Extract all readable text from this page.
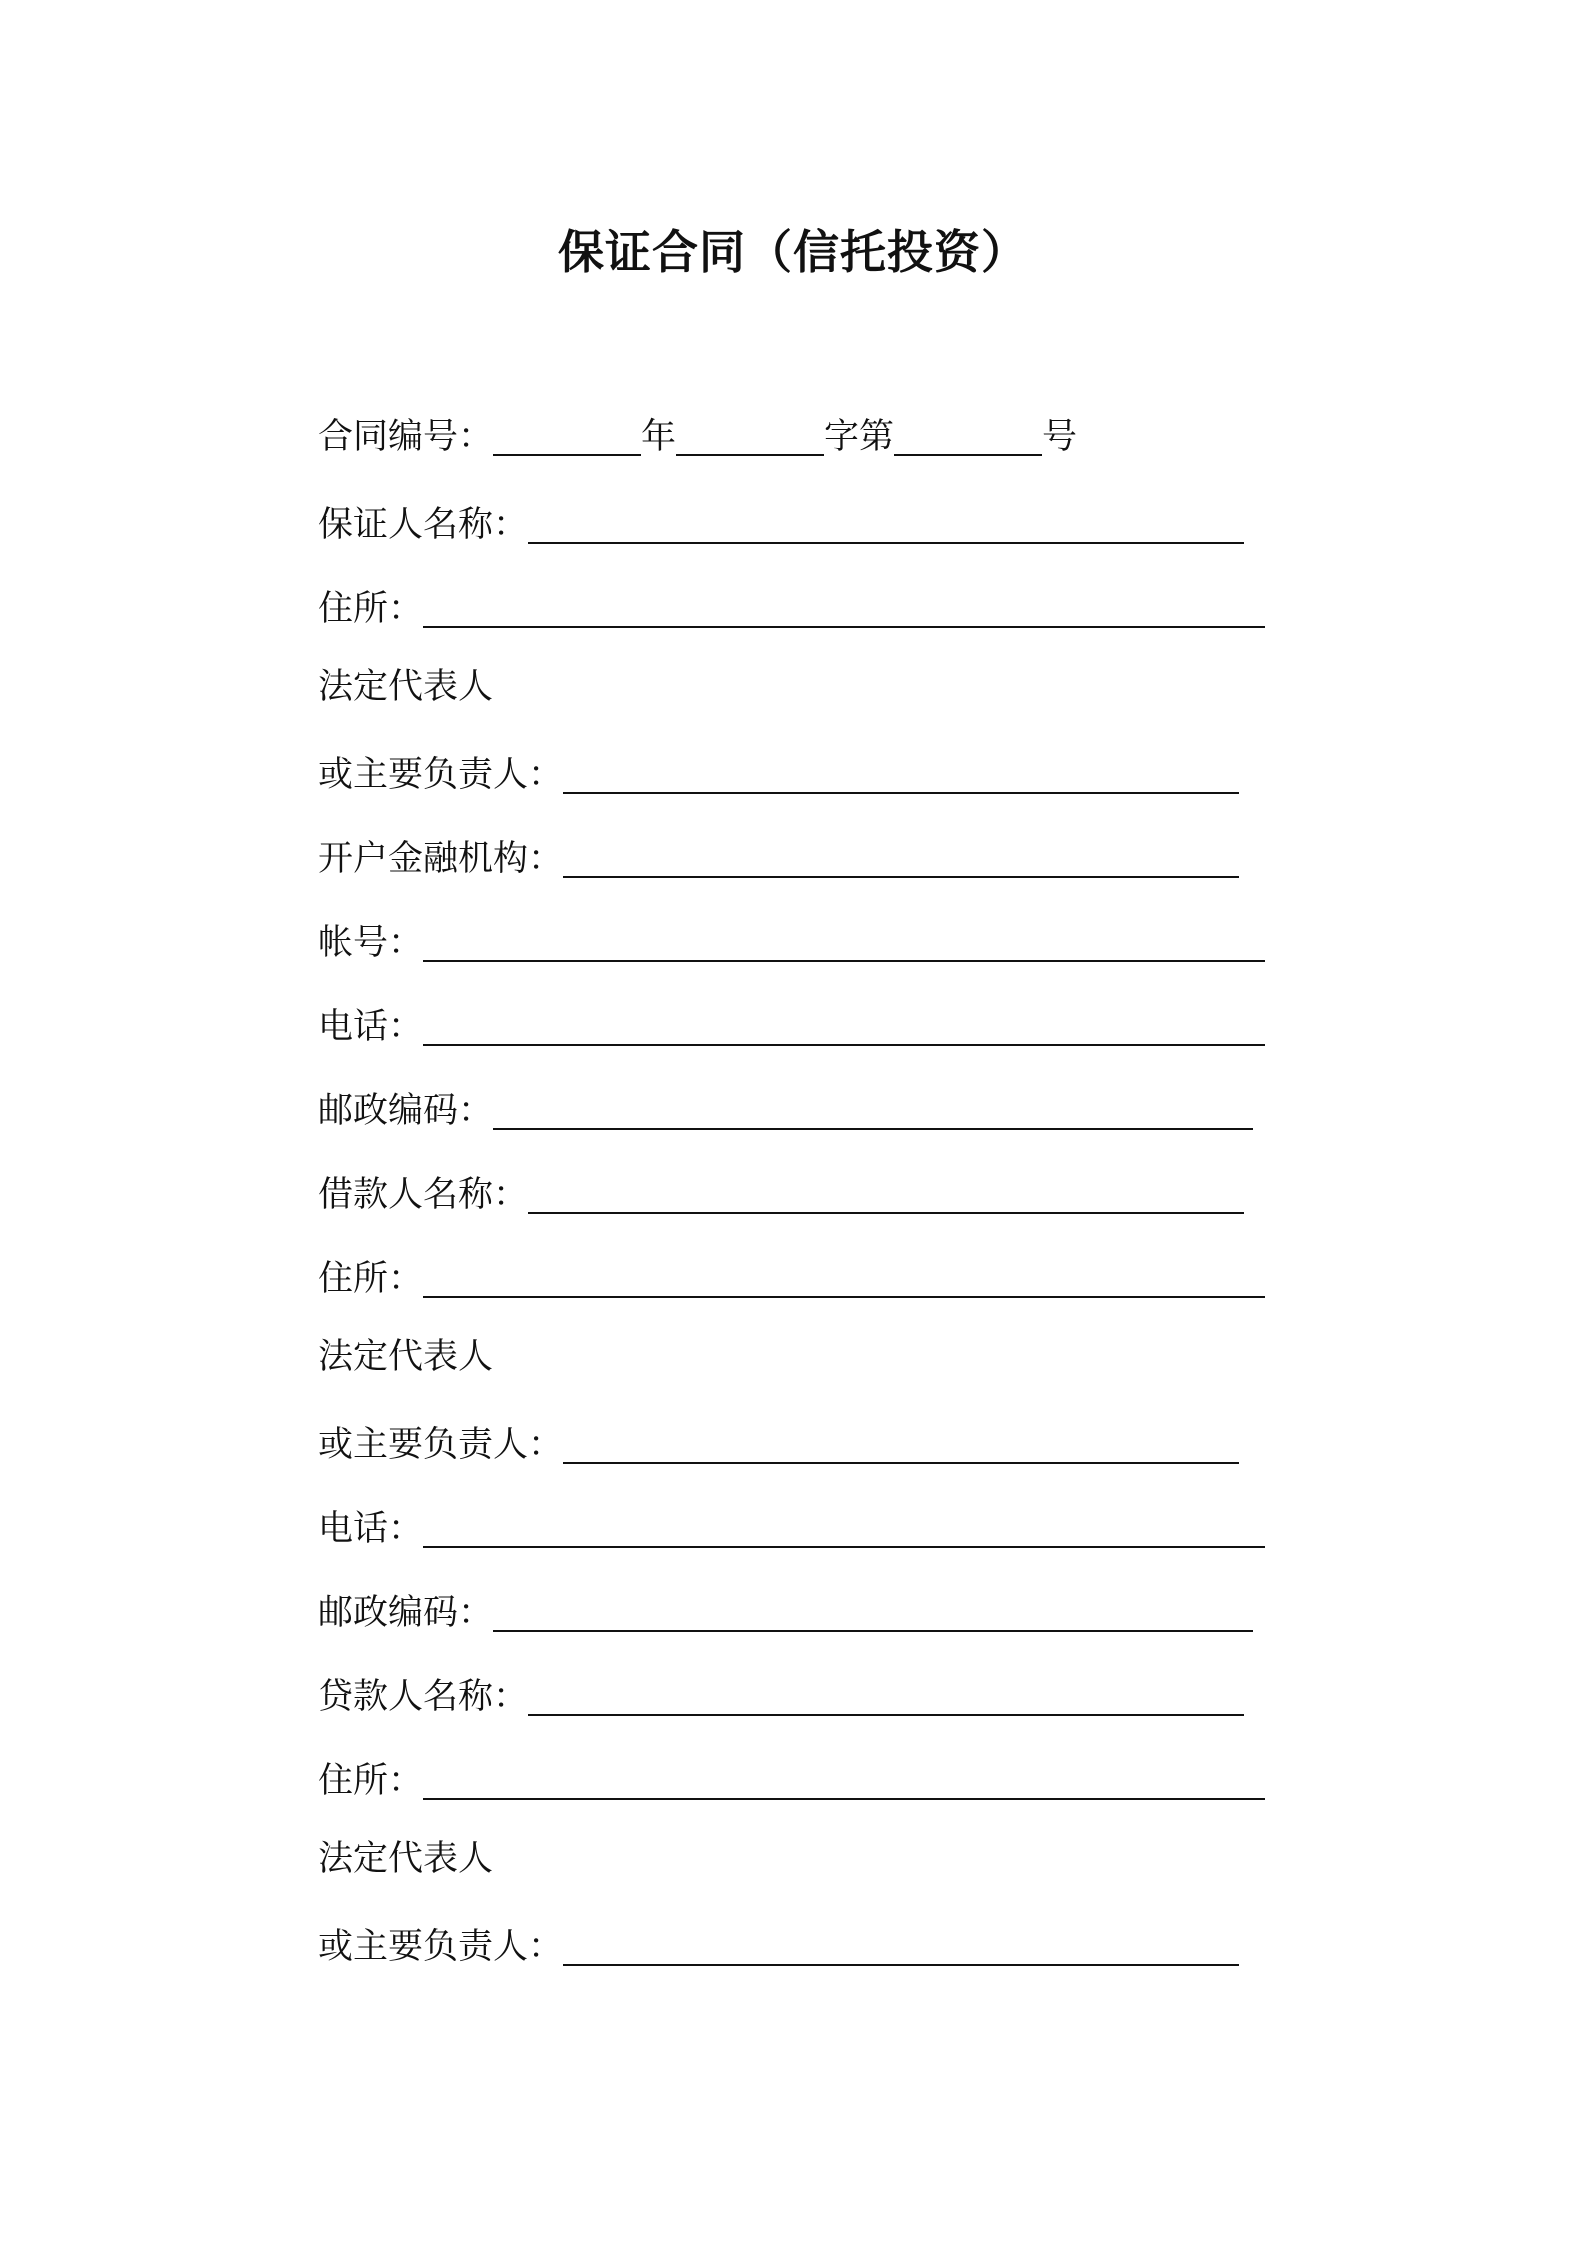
保证合同（信托投资）
合同编号：	年	字第	号
保证人名称：
住所：
法定代表人
或主要负责人：
开户金融机构：
帐号：
电话：
邮政编码：
借款人名称：
住所：
法定代表人
或主要负责人：
电话：
邮政编码：
贷款人名称：
住所：
法定代表人
或主要负责人：
